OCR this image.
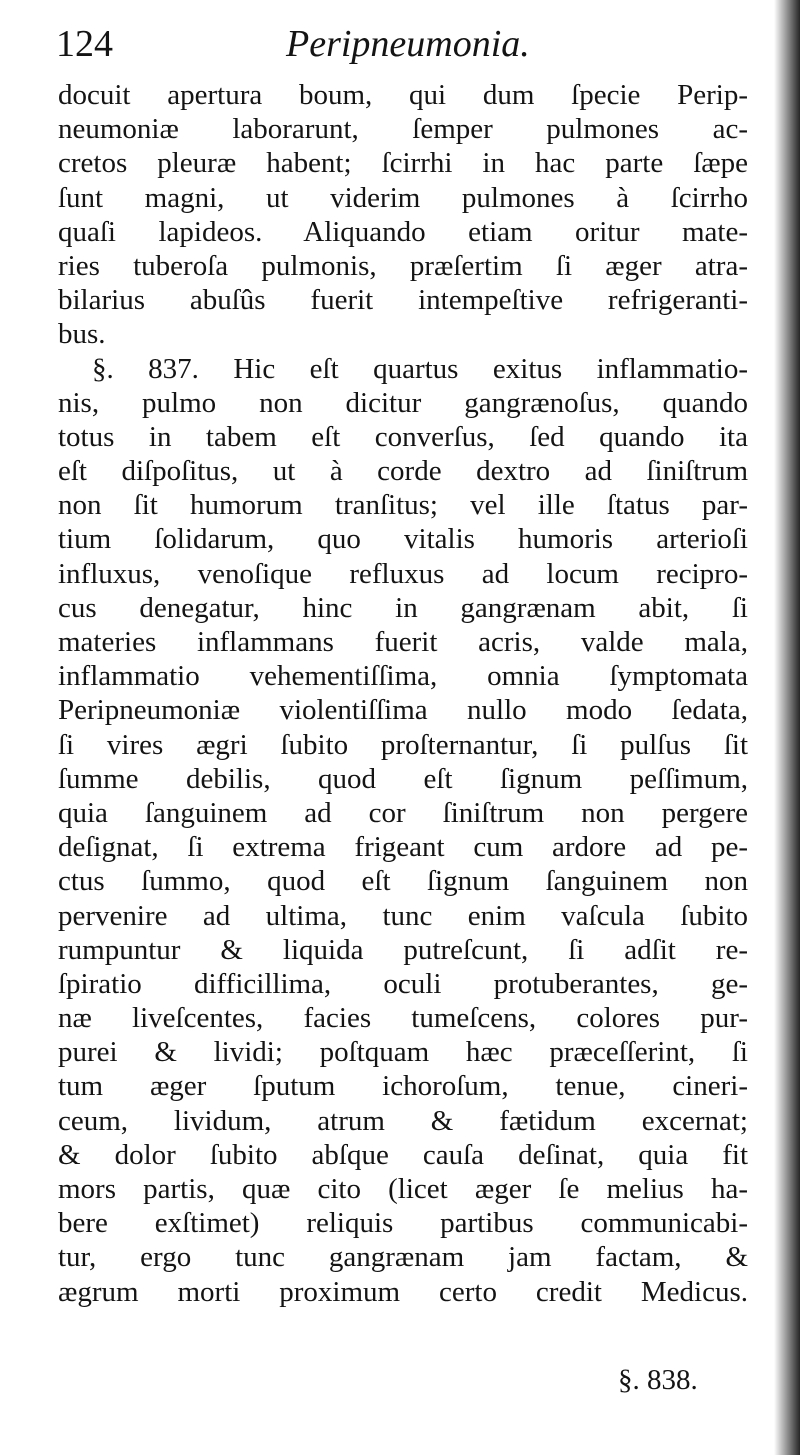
124	Peripneumonia.
docuit apertura boum, qui dum ſpecie Perip-
neumoniæ laborarunt, ſemper pulmones ac-
cretos pleuræ habent; ſcirrhi in hac parte ſæpe
ſunt magni, ut viderim pulmones à ſcirrho
quaſi lapideos. Aliquando etiam oritur mate-
ries tuberoſa pulmonis, præſertim ſi æger atra-
bilarius abuſûs fuerit intempeſtive refrigeranti-
bus.
§. 837. Hic eſt quartus exitus inflammatio-
nis, pulmo non dicitur gangrænoſus, quando
totus in tabem eſt converſus, ſed quando ita
eſt diſpoſitus, ut à corde dextro ad ſiniſtrum
non ſit humorum tranſitus; vel ille ſtatus par-
tium ſolidarum, quo vitalis humoris arterioſi
influxus, venoſique refluxus ad locum recipro-
cus denegatur, hinc in gangrænam abit, ſi
materies inflammans fuerit acris, valde mala,
inflammatio vehementiſſima, omnia ſymptomata
Peripneumoniæ violentiſſima nullo modo ſedata,
ſi vires ægri ſubito proſternantur, ſi pulſus ſit
ſumme debilis, quod eſt ſignum peſſimum,
quia ſanguinem ad cor ſiniſtrum non pergere
deſignat, ſi extrema frigeant cum ardore ad pe-
ctus ſummo, quod eſt ſignum ſanguinem non
pervenire ad ultima, tunc enim vaſcula ſubito
rumpuntur & liquida putreſcunt, ſi adſit re-
ſpiratio difficillima, oculi protuberantes, ge-
næ liveſcentes, facies tumeſcens, colores pur-
purei & lividi; poſtquam hæc præceſſerint, ſi
tum æger ſputum ichoroſum, tenue, cineri-
ceum, lividum, atrum & fætidum excernat;
& dolor ſubito abſque cauſa deſinat, quia fit
mors partis, quæ cito (licet æger ſe melius ha-
bere exſtimet) reliquis partibus communicabi-
tur, ergo tunc gangrænam jam factam, &
ægrum morti proximum certo credit Medicus.
§. 838.
